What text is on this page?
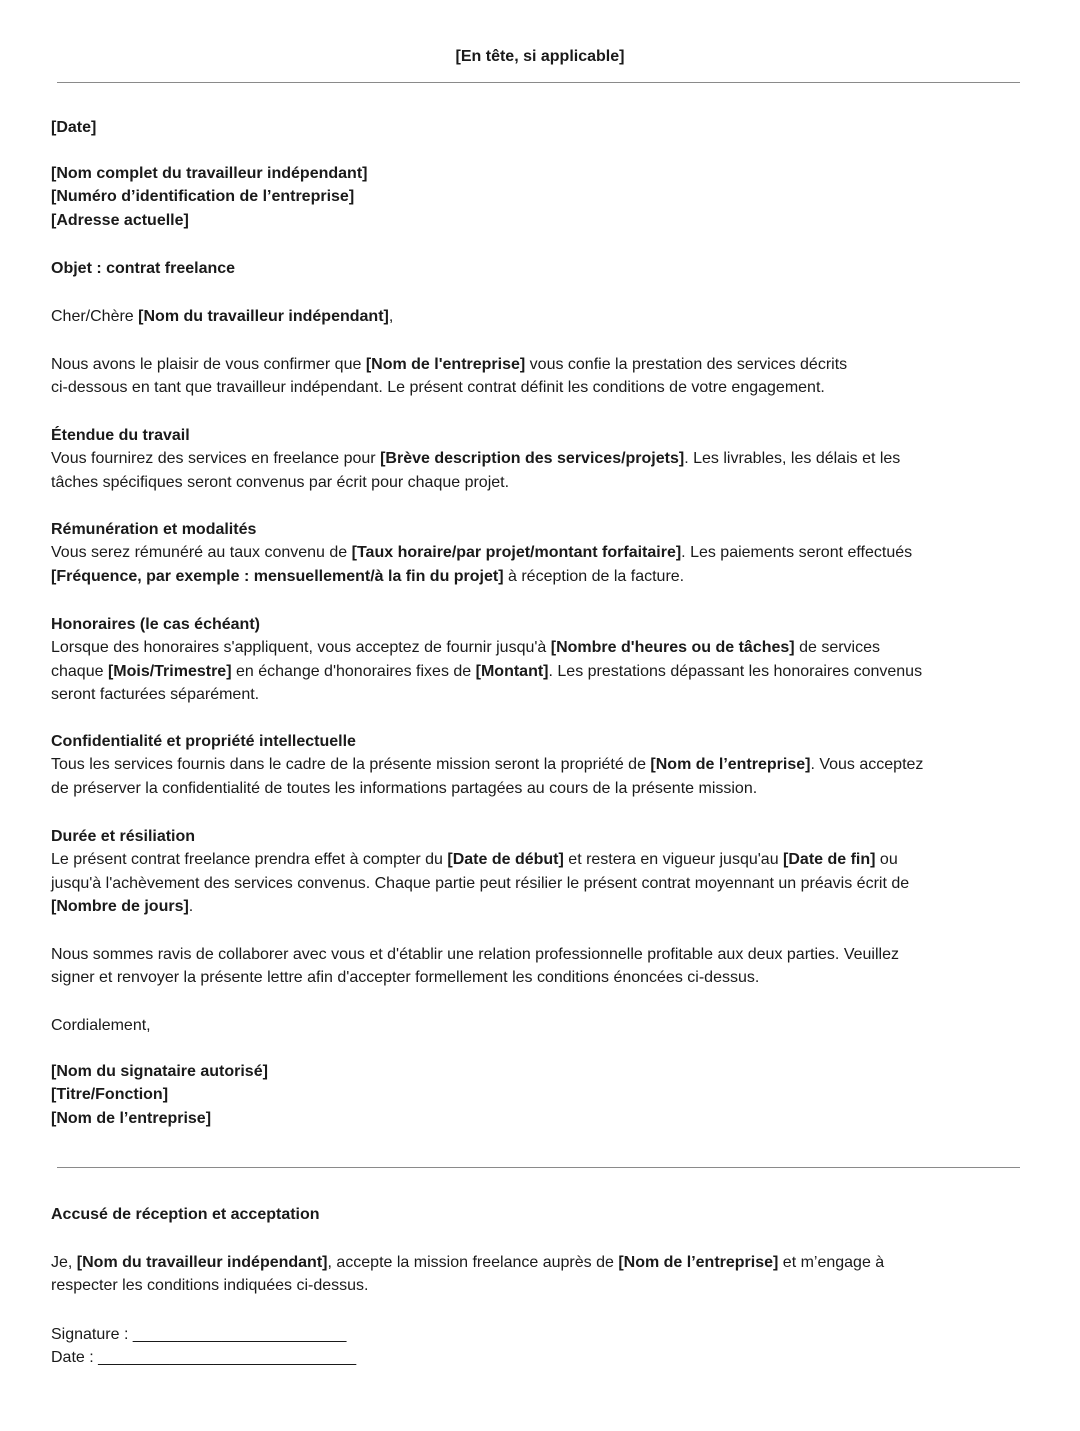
[En tête, si applicable]

[Date]

[Nom complet du travailleur indépendant]
[Numéro d’identification de l’entreprise]
[Adresse actuelle]

Objet : contrat freelance

Cher/Chère [Nom du travailleur indépendant],

Nous avons le plaisir de vous confirmer que [Nom de l'entreprise] vous confie la prestation des services décrits
ci-dessous en tant que travailleur indépendant. Le présent contrat définit les conditions de votre engagement.
Étendue du travail
Vous fournirez des services en freelance pour [Brève description des services/projets]. Les livrables, les délais et les
tâches spécifiques seront convenus par écrit pour chaque projet.
Rémunération et modalités
Vous serez rémunéré au taux convenu de [Taux horaire/par projet/montant forfaitaire]. Les paiements seront effectués
[Fréquence, par exemple : mensuellement/à la fin du projet] à réception de la facture.
Honoraires (le cas échéant)
Lorsque des honoraires s'appliquent, vous acceptez de fournir jusqu'à [Nombre d'heures ou de tâches] de services
chaque [Mois/Trimestre] en échange d'honoraires fixes de [Montant]. Les prestations dépassant les honoraires convenus
seront facturées séparément.
Confidentialité et propriété intellectuelle
Tous les services fournis dans le cadre de la présente mission seront la propriété de [Nom de l’entreprise]. Vous acceptez
de préserver la confidentialité de toutes les informations partagées au cours de la présente mission.
Durée et résiliation
Le présent contrat freelance prendra effet à compter du [Date de début] et restera en vigueur jusqu'au [Date de fin] ou
jusqu'à l'achèvement des services convenus. Chaque partie peut résilier le présent contrat moyennant un préavis écrit de
[Nombre de jours].
Nous sommes ravis de collaborer avec vous et d'établir une relation professionnelle profitable aux deux parties. Veuillez
signer et renvoyer la présente lettre afin d'accepter formellement les conditions énoncées ci-dessus.

Cordialement,

[Nom du signataire autorisé]
[Titre/Fonction]
[Nom de l’entreprise]

Accusé de réception et acceptation

Je, [Nom du travailleur indépendant], accepte la mission freelance auprès de [Nom de l’entreprise] et m’engage à
respecter les conditions indiquées ci-dessus.
Signature : ________________________
Date : _____________________________
